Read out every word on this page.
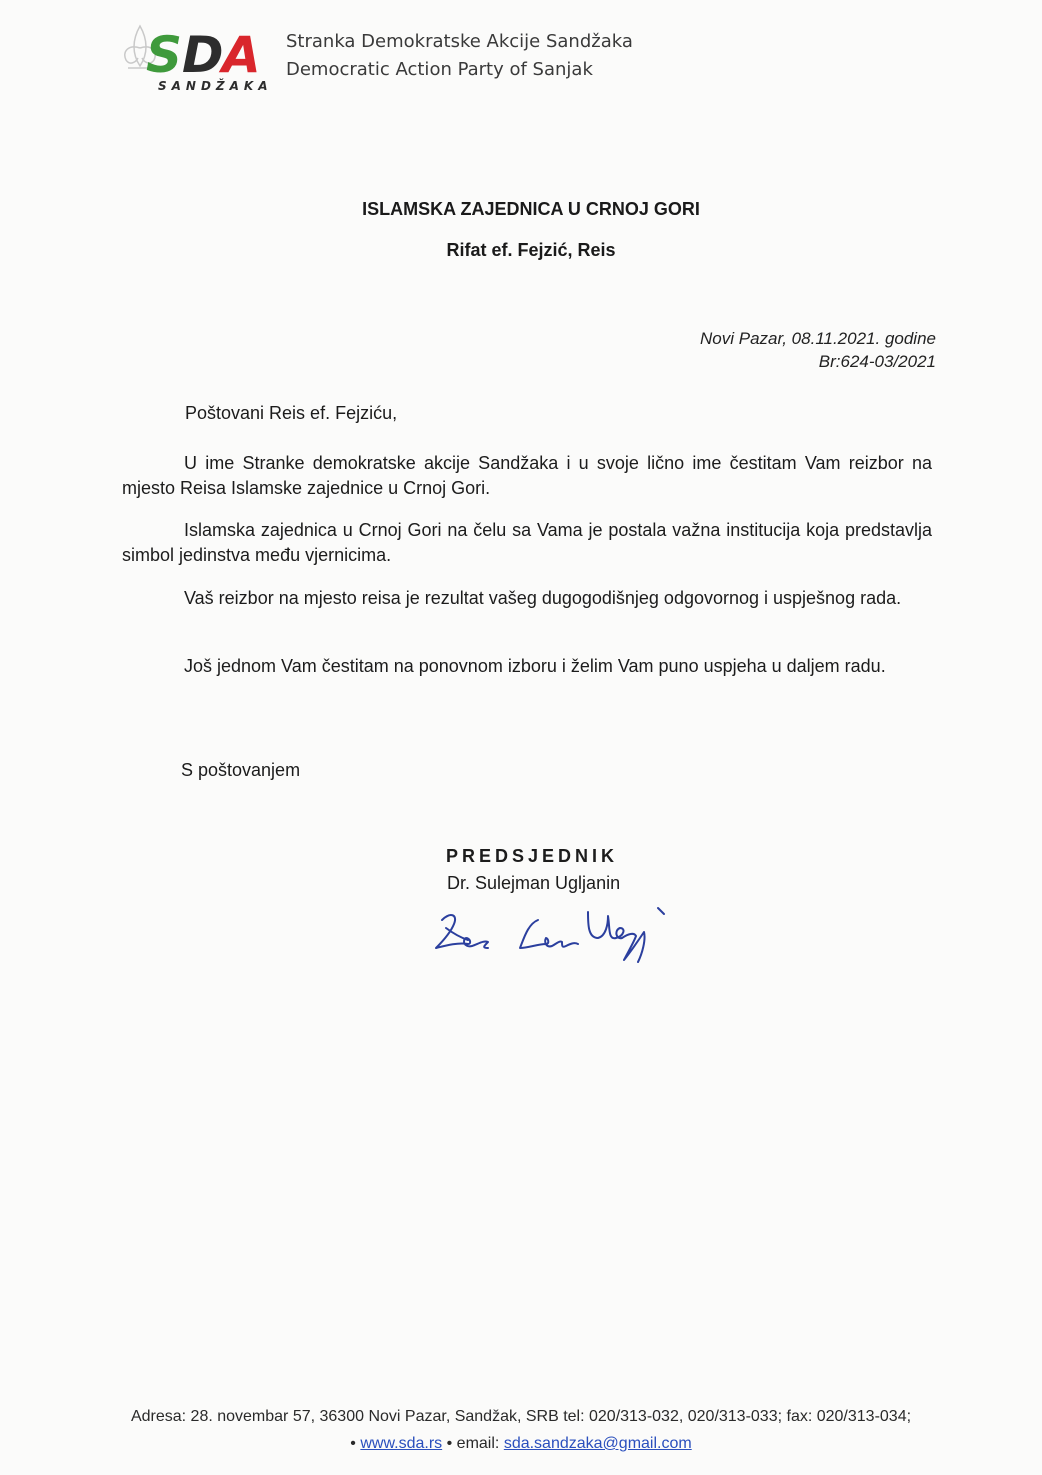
S D
A
SANDŽAKA
Stranka Demokratske Akcije Sandžaka
Democratic Action Party of Sanjak
ISLAMSKA ZAJEDNICA U CRNOJ GORI
Rifat ef. Fejzić, Reis
Novi Pazar, 08.11.2021. godine
Br:624-03/2021
Poštovani Reis ef. Fejziću,
U ime Stranke demokratske akcije Sandžaka i u svoje lično ime čestitam Vam reizbor na mjesto Reisa Islamske zajednice u Crnoj Gori.
Islamska zajednica u Crnoj Gori na čelu sa Vama je postala važna institucija koja predstavlja simbol jedinstva među vjernicima.
Vaš reizbor na mjesto reisa je rezultat vašeg dugogodišnjeg odgovornog i uspješnog rada.
Još jednom Vam čestitam na ponovnom izboru i želim Vam puno uspjeha u daljem radu.
S poštovanjem
PREDSJEDNIK
Dr. Sulejman Ugljanin
Adresa: 28. novembar 57, 36300 Novi Pazar, Sandžak, SRB tel: 020/313-032, 020/313-033; fax: 020/313-034;
• www.sda.rs • email: sda.sandzaka@gmail.com
